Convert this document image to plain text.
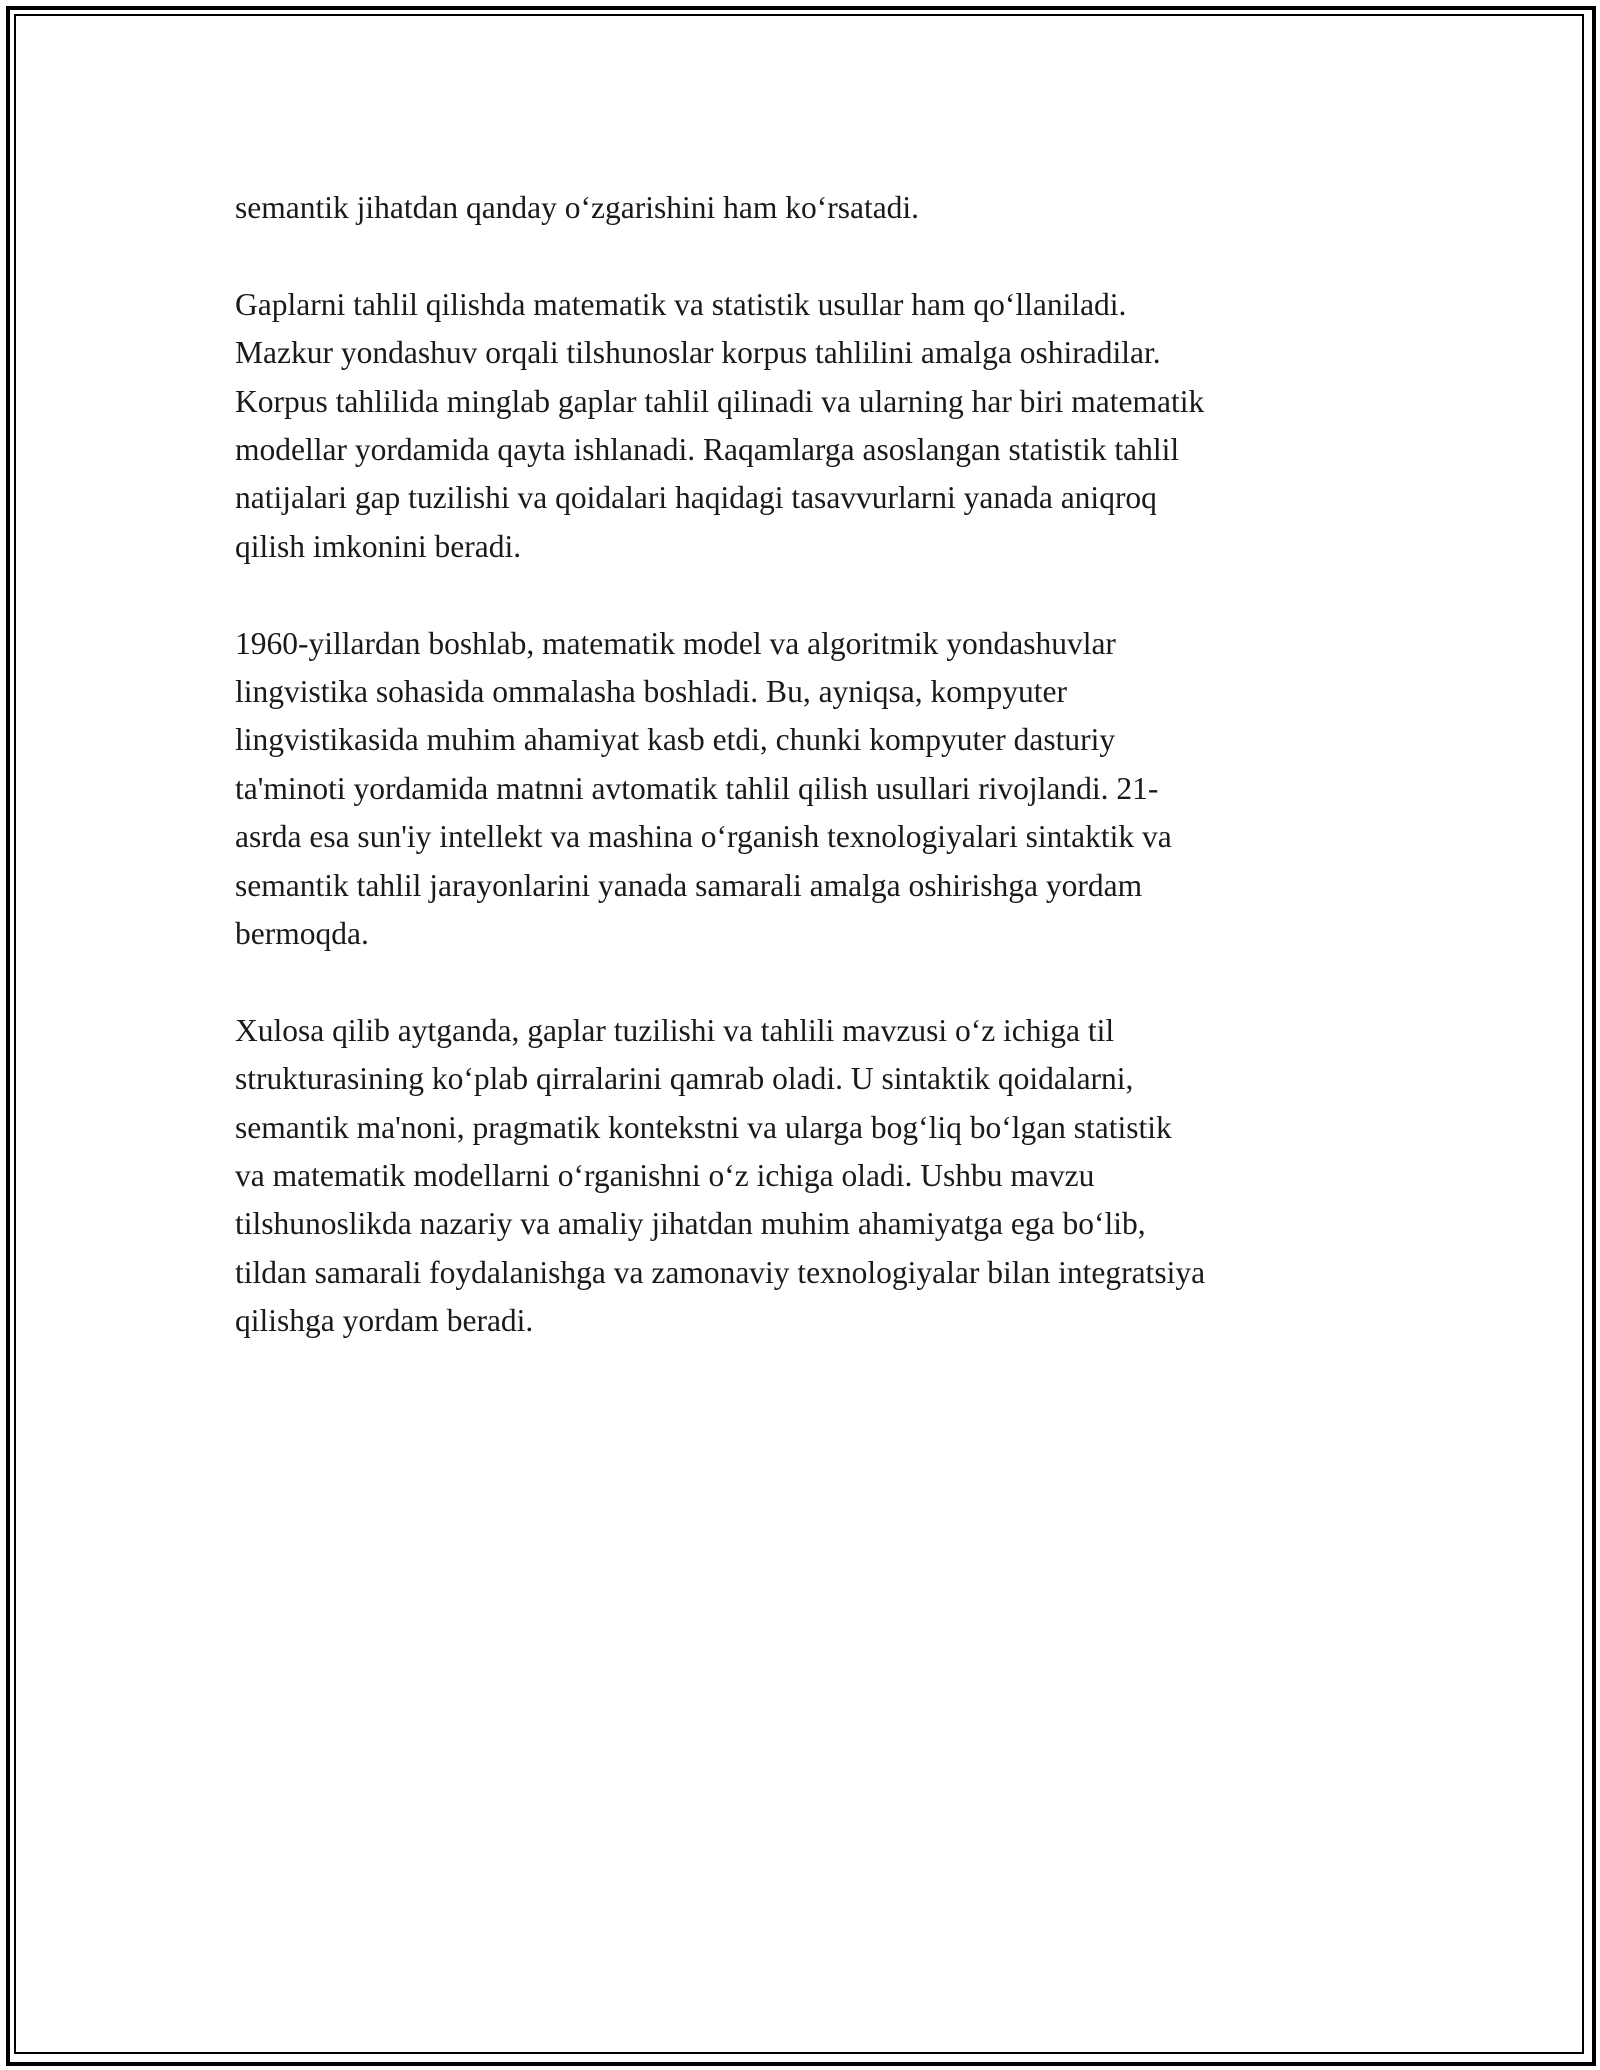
semantik jihatdan qanday o‘zgarishini ham ko‘rsatadi.

Gaplarni tahlil qilishda matematik va statistik usullar ham qo‘llaniladi.
Mazkur yondashuv orqali tilshunoslar korpus tahlilini amalga oshiradilar.
Korpus tahlilida minglab gaplar tahlil qilinadi va ularning har biri matematik
modellar yordamida qayta ishlanadi. Raqamlarga asoslangan statistik tahlil
natijalari gap tuzilishi va qoidalari haqidagi tasavvurlarni yanada aniqroq
qilish imkonini beradi.

1960-yillardan boshlab, matematik model va algoritmik yondashuvlar
lingvistika sohasida ommalasha boshladi. Bu, ayniqsa, kompyuter
lingvistikasida muhim ahamiyat kasb etdi, chunki kompyuter dasturiy
ta'minoti yordamida matnni avtomatik tahlil qilish usullari rivojlandi. 21-
asrda esa sun'iy intellekt va mashina o‘rganish texnologiyalari sintaktik va
semantik tahlil jarayonlarini yanada samarali amalga oshirishga yordam
bermoqda.

Xulosa qilib aytganda, gaplar tuzilishi va tahlili mavzusi o‘z ichiga til
strukturasining ko‘plab qirralarini qamrab oladi. U sintaktik qoidalarni,
semantik ma'noni, pragmatik kontekstni va ularga bog‘liq bo‘lgan statistik
va matematik modellarni o‘rganishni o‘z ichiga oladi. Ushbu mavzu
tilshunoslikda nazariy va amaliy jihatdan muhim ahamiyatga ega bo‘lib,
tildan samarali foydalanishga va zamonaviy texnologiyalar bilan integratsiya
qilishga yordam beradi.
